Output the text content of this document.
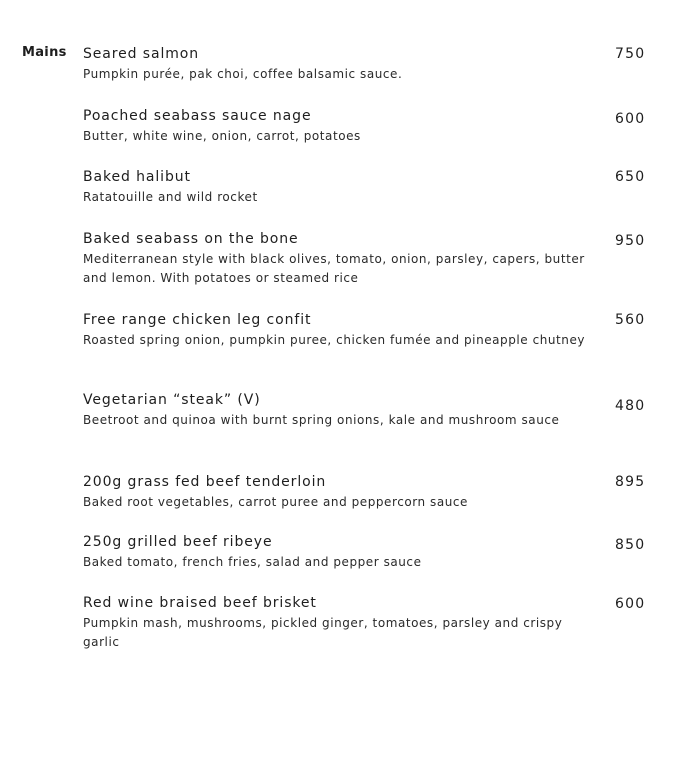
Mains Seared salmon
Pumpkin purée, pak choi, coffee balsamic sauce.
750
Poached seabass sauce nage
Butter, white wine, onion, carrot, potatoes
600
Baked halibut
Ratatouille and wild rocket
650
Baked seabass on the bone
Mediterranean style with black olives, tomato, onion, parsley, capers, butter and lemon. With potatoes or steamed rice
950
Free range chicken leg confit
Roasted spring onion, pumpkin puree, chicken fumée and pineapple chutney
560
Vegetarian “steak” (V)
Beetroot and quinoa with burnt spring onions, kale and mushroom sauce
480
200g grass fed beef tenderloin
Baked root vegetables, carrot puree and peppercorn sauce
895
250g grilled beef ribeye
Baked tomato, french fries, salad and pepper sauce
850
Red wine braised beef brisket
Pumpkin mash, mushrooms, pickled ginger, tomatoes, parsley and crispy garlic
600
